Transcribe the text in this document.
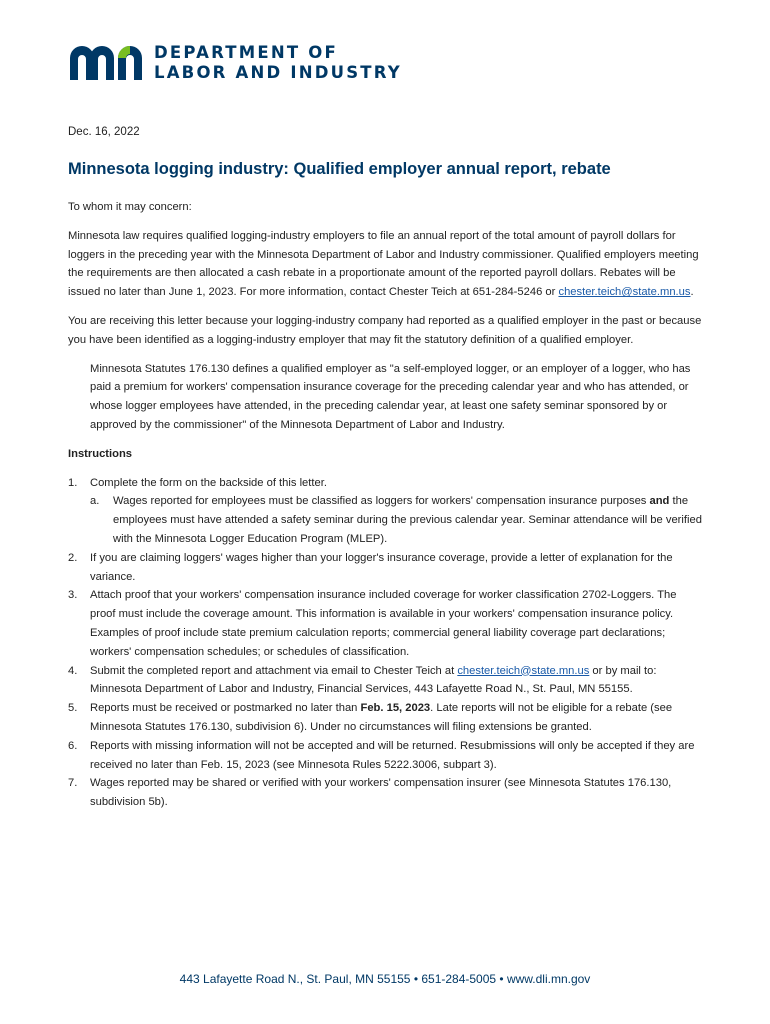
DEPARTMENT OF
LABOR AND INDUSTRY
Dec. 16, 2022
Minnesota logging industry: Qualified employer annual report, rebate

To whom it may concern:

Minnesota law requires qualified logging-industry employers to file an annual report of the total amount of payroll dollars for loggers in the preceding year with the Minnesota Department of Labor and Industry commissioner. Qualified employers meeting the requirements are then allocated a cash rebate in a proportionate amount of the reported payroll dollars. Rebates will be issued no later than June 1, 2023. For more information, contact Chester Teich at 651-284-5246 or chester.teich@state.mn.us.

You are receiving this letter because your logging-industry company had reported as a qualified employer in the past or because you have been identified as a logging-industry employer that may fit the statutory definition of a qualified employer.

Minnesota Statutes 176.130 defines a qualified employer as "a self-employed logger, or an employer of a logger, who has paid a premium for workers' compensation insurance coverage for the preceding calendar year and who has attended, or whose logger employees have attended, in the preceding calendar year, at least one safety seminar sponsored by or approved by the commissioner" of the Minnesota Department of Labor and Industry.

Instructions
1. Complete the form on the backside of this letter.
a. Wages reported for employees must be classified as loggers for workers' compensation insurance purposes and the employees must have attended a safety seminar during the previous calendar year. Seminar attendance will be verified with the Minnesota Logger Education Program (MLEP).
2. If you are claiming loggers' wages higher than your logger's insurance coverage, provide a letter of explanation for the variance.
3. Attach proof that your workers' compensation insurance included coverage for worker classification 2702-Loggers. The proof must include the coverage amount. This information is available in your workers' compensation insurance policy. Examples of proof include state premium calculation reports; commercial general liability coverage part declarations; workers' compensation schedules; or schedules of classification.
4. Submit the completed report and attachment via email to Chester Teich at chester.teich@state.mn.us or by mail to: Minnesota Department of Labor and Industry, Financial Services, 443 Lafayette Road N., St. Paul, MN 55155.
5. Reports must be received or postmarked no later than Feb. 15, 2023. Late reports will not be eligible for a rebate (see Minnesota Statutes 176.130, subdivision 6). Under no circumstances will filing extensions be granted.
6. Reports with missing information will not be accepted and will be returned. Resubmissions will only be accepted if they are received no later than Feb. 15, 2023 (see Minnesota Rules 5222.3006, subpart 3).
7. Wages reported may be shared or verified with your workers' compensation insurer (see Minnesota Statutes 176.130, subdivision 5b).
443 Lafayette Road N., St. Paul, MN 55155 • 651-284-5005 • www.dli.mn.gov
